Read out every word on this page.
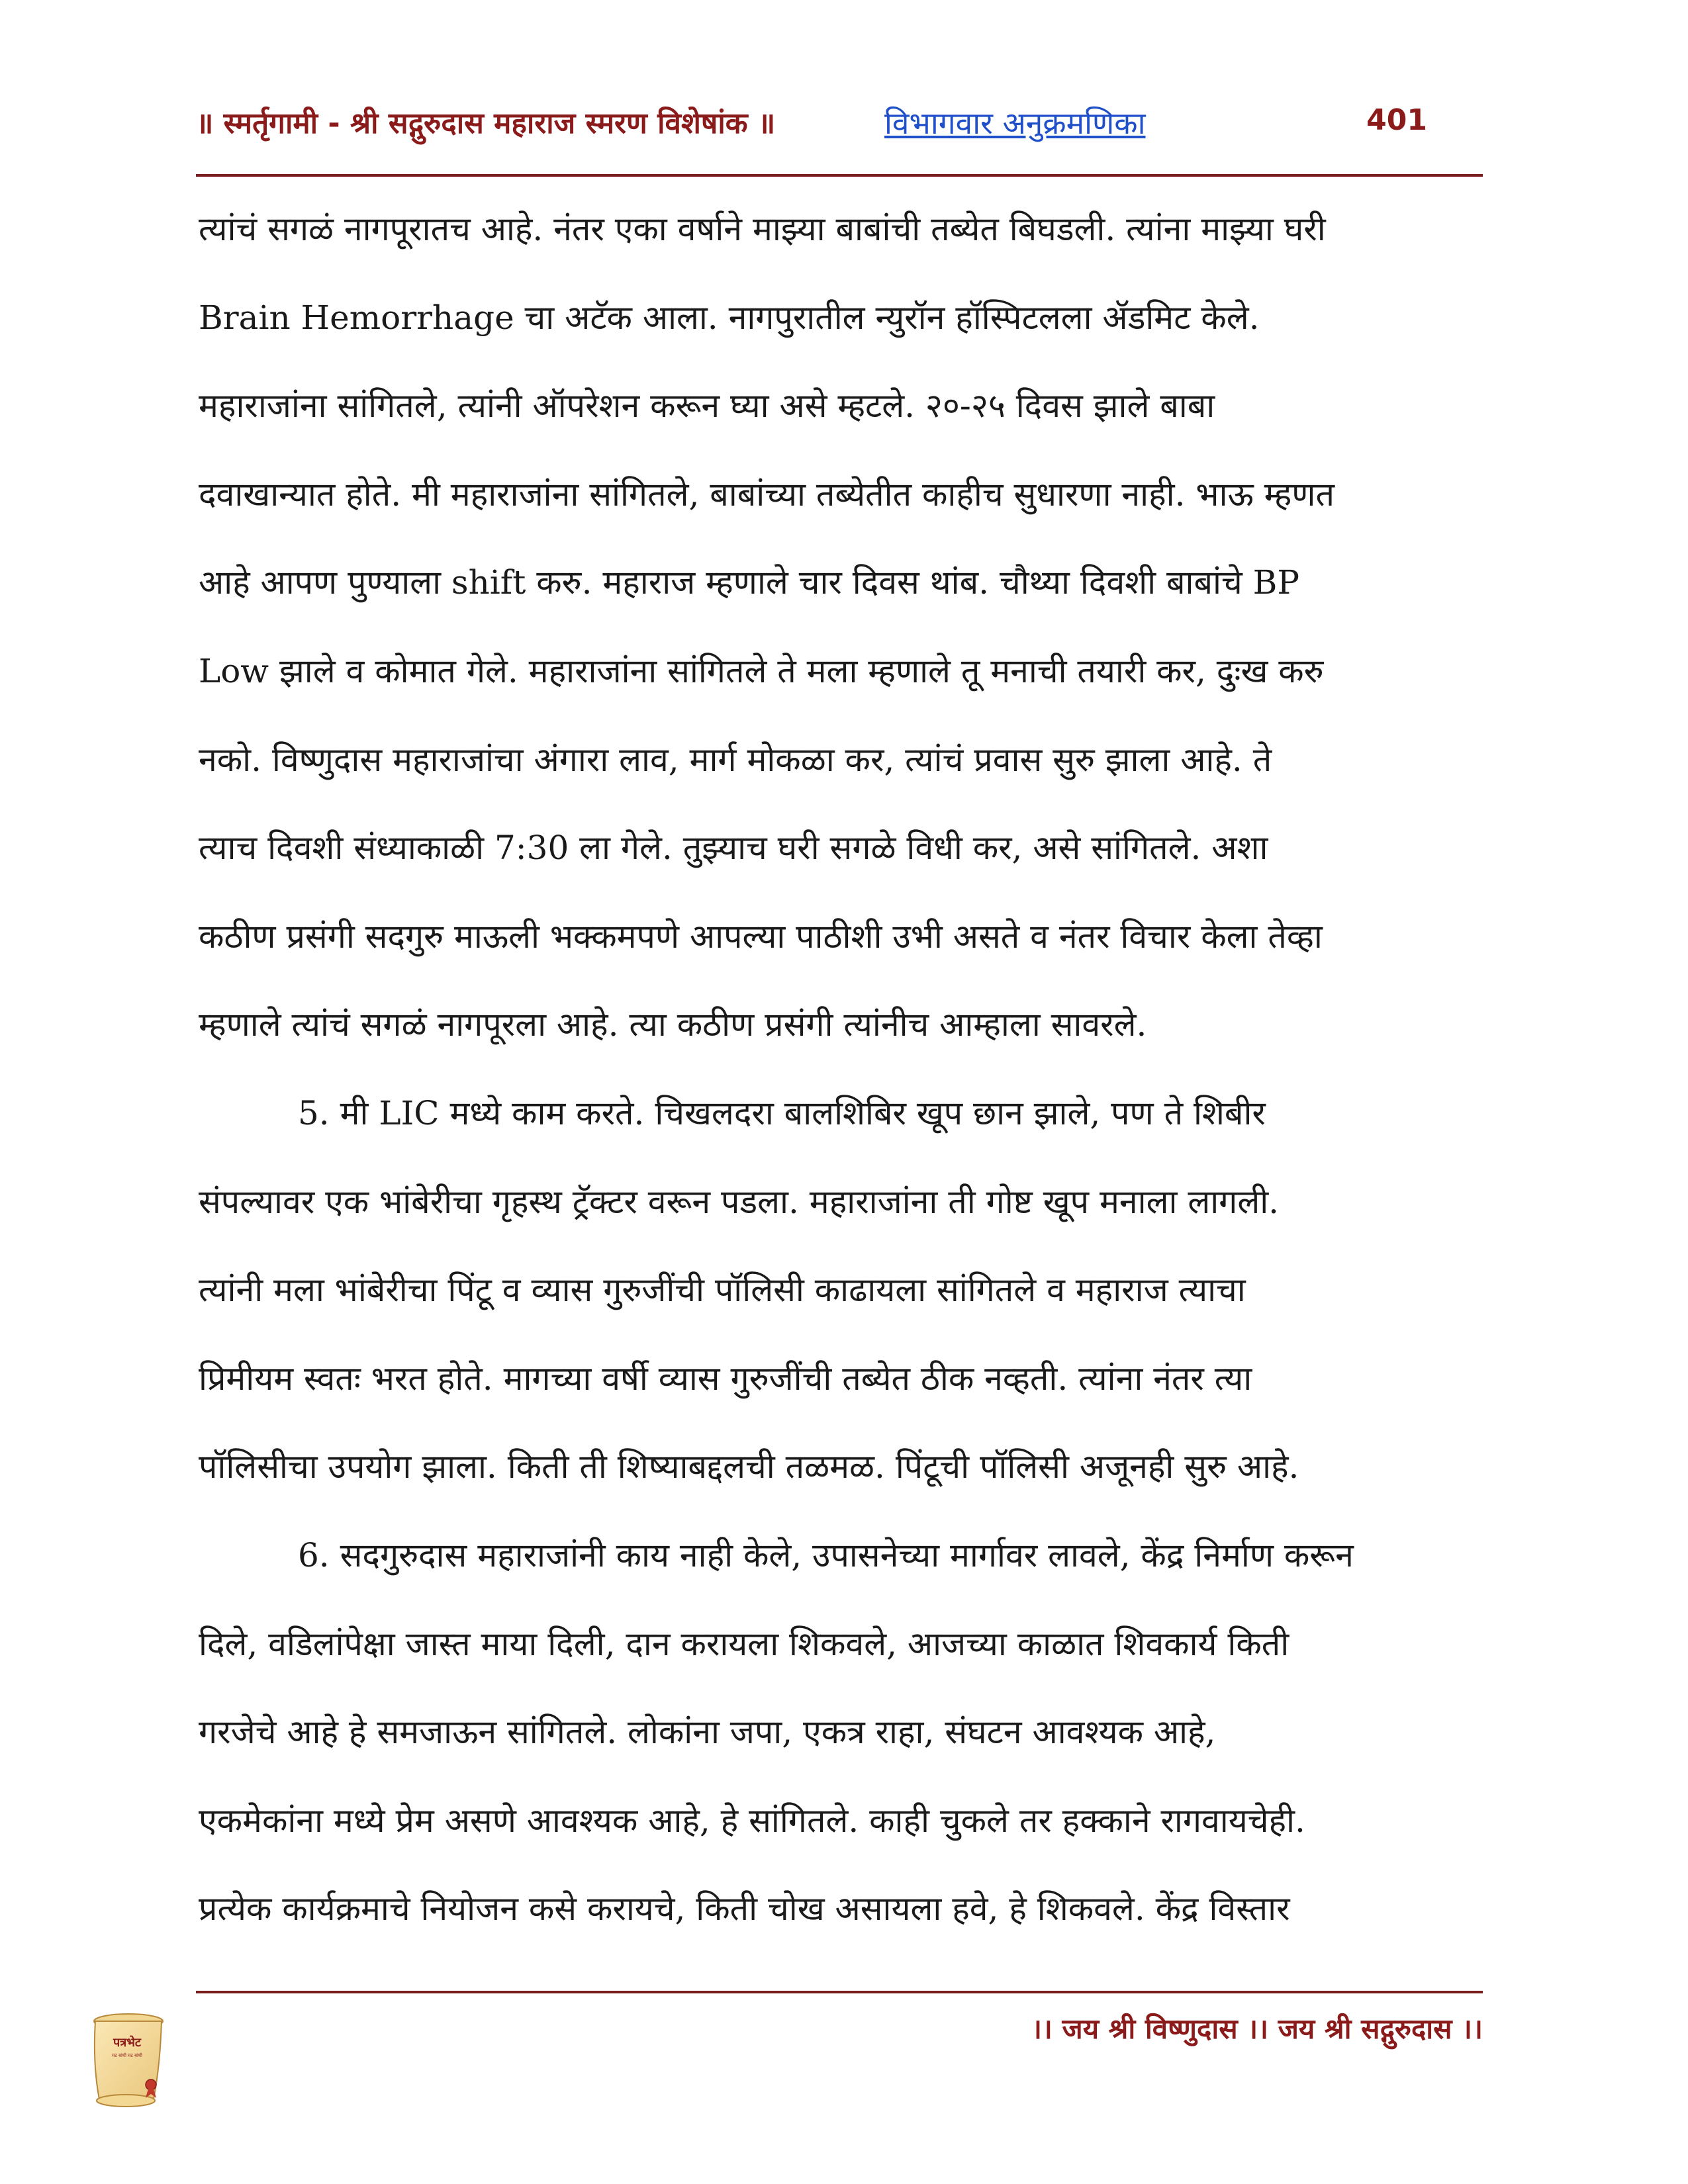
॥ स्मर्तृगामी - श्री सद्गुरुदास महाराज स्मरण विशेषांक ॥	विभागवार अनुक्रमणिका	401
त्यांचं सगळं नागपूरातच आहे. नंतर एका वर्षाने माझ्या बाबांची तब्येत बिघडली. त्यांना माझ्या घरी
Brain Hemorrhage चा अटॅक आला. नागपुरातील न्युरॉन हॉस्पिटलला ॲडमिट केले.
महाराजांना सांगितले, त्यांनी ऑपरेशन करून घ्या असे म्हटले. २०-२५ दिवस झाले बाबा
दवाखान्यात होते. मी महाराजांना सांगितले, बाबांच्या तब्येतीत काहीच सुधारणा नाही. भाऊ म्हणत
आहे आपण पुण्याला shift करु. महाराज म्हणाले चार दिवस थांब. चौथ्या दिवशी बाबांचे BP
Low झाले व कोमात गेले. महाराजांना सांगितले ते मला म्हणाले तू मनाची तयारी कर, दुःख करु
नको. विष्णुदास महाराजांचा अंगारा लाव, मार्ग मोकळा कर, त्यांचं प्रवास सुरु झाला आहे. ते
त्याच दिवशी संध्याकाळी 7:30 ला गेले. तुझ्याच घरी सगळे विधी कर, असे सांगितले. अशा
कठीण प्रसंगी सदगुरु माऊली भक्कमपणे आपल्या पाठीशी उभी असते व नंतर विचार केला तेव्हा
म्हणाले त्यांचं सगळं नागपूरला आहे. त्या कठीण प्रसंगी त्यांनीच आम्हाला सावरले.
5. मी LIC मध्ये काम करते. चिखलदरा बालशिबिर खूप छान झाले, पण ते शिबीर
संपल्यावर एक भांबेरीचा गृहस्थ ट्रॅक्टर वरून पडला. महाराजांना ती गोष्ट खूप मनाला लागली.
त्यांनी मला भांबेरीचा पिंटू व व्यास गुरुजींची पॉलिसी काढायला सांगितले व महाराज त्याचा
प्रिमीयम स्वतः भरत होते. मागच्या वर्षी व्यास गुरुजींची तब्येत ठीक नव्हती. त्यांना नंतर त्या
पॉलिसीचा उपयोग झाला. किती ती शिष्याबद्दलची तळमळ. पिंटूची पॉलिसी अजूनही सुरु आहे.
6. सदगुरुदास महाराजांनी काय नाही केले, उपासनेच्या मार्गावर लावले, केंद्र निर्माण करून
दिले, वडिलांपेक्षा जास्त माया दिली, दान करायला शिकवले, आजच्या काळात शिवकार्य किती
गरजेचे आहे हे समजाऊन सांगितले. लोकांना जपा, एकत्र राहा, संघटन आवश्यक आहे,
एकमेकांना मध्ये प्रेम असणे आवश्यक आहे, हे सांगितले. काही चुकले तर हक्काने रागवायचेही.
प्रत्येक कार्यक्रमाचे नियोजन कसे करायचे, किती चोख असायला हवे, हे शिकवले. केंद्र विस्तार
पत्रभेट
घट बांधी घट बांधी
।। जय श्री विष्णुदास ।। जय श्री सद्गुरुदास ।।
